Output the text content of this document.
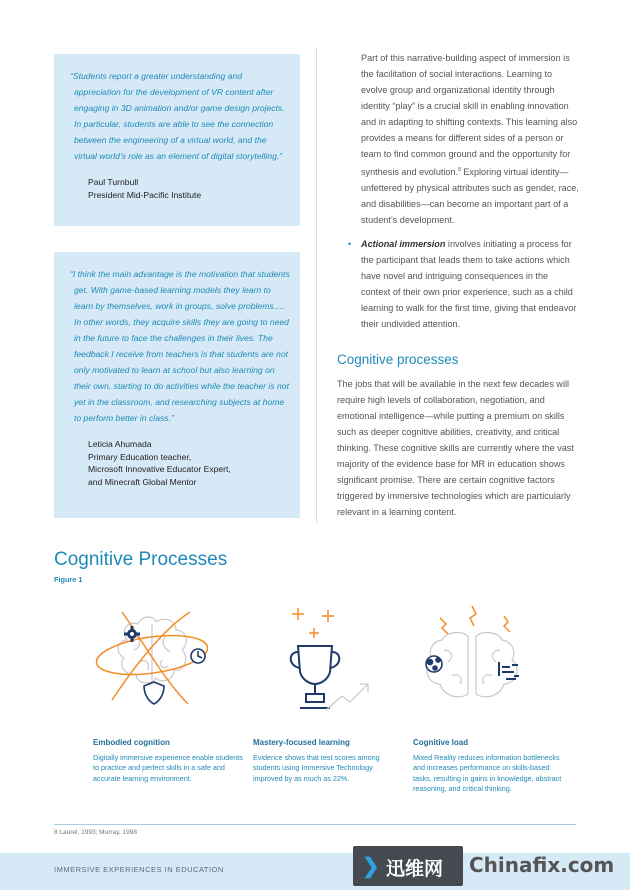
“Students report a greater understanding and appreciation for the development of VR content after engaging in 3D animation and/or game design projects. In particular, students are able to see the connection between the engineering of a virtual world, and the virtual world’s role as an element of digital storytelling.”

Paul Turnbull
President Mid-Pacific Institute

“I think the main advantage is the motivation that students get. With game-based learning models they learn to learn by themselves, work in groups, solve problems…. In other words, they acquire skills they are going to need in the future to face the challenges in their lives. The feedback I receive from teachers is that students are not only motivated to learn at school but also learning on their own, starting to do activities while the teacher is not yet in the classroom, and researching subjects at home to perform better in class.”

Leticia Ahumada
Primary Education teacher,
Microsoft Innovative Educator Expert,
and Minecraft Global Mentor

Part of this narrative-building aspect of immersion is the facilitation of social interactions. Learning to evolve group and organizational identity through identity “play” is a crucial skill in enabling innovation and in adapting to shifting contexts. This learning also provides a means for different sides of a person or team to find common ground and the opportunity for synthesis and evolution.$^8$ Exploring virtual identity—unfettered by physical attributes such as gender, race, and disabilities—can become an important part of a student’s development.

• Actional immersion involves initiating a process for the participant that leads them to take actions which have novel and intriguing consequences in the context of their own prior experience, such as a child learning to walk for the first time, giving that endeavor their undivided attention.
Cognitive processes

The jobs that will be available in the next few decades will require high levels of collaboration, negotiation, and emotional intelligence—while putting a premium on skills such as deeper cognitive abilities, creativity, and critical thinking. These cognitive skills are currently where the vast majority of the evidence base for MR in education shows significant promise. There are certain cognitive factors triggered by immersive technologies which are particularly relevant in a learning content.

Cognitive Processes
Figure 1
Embodied cognition
Digitally immersive experience enable students to practice and perfect skills in a safe and accurate learning environment.
Mastery-focused learning
Evidence shows that test scores among students using Immersive Technology improved by as much as 22%.
Cognitive load
Mixed Reality reduces information bottlenecks and increases performance on skills-based tasks, resulting in gains in knowledge, abstract reasoning, and critical thinking.
8 Laurel, 1993; Murray, 1998
IMMERSIVE EXPERIENCES IN EDUCATION	❯ 迅维网 Chinafix.com
